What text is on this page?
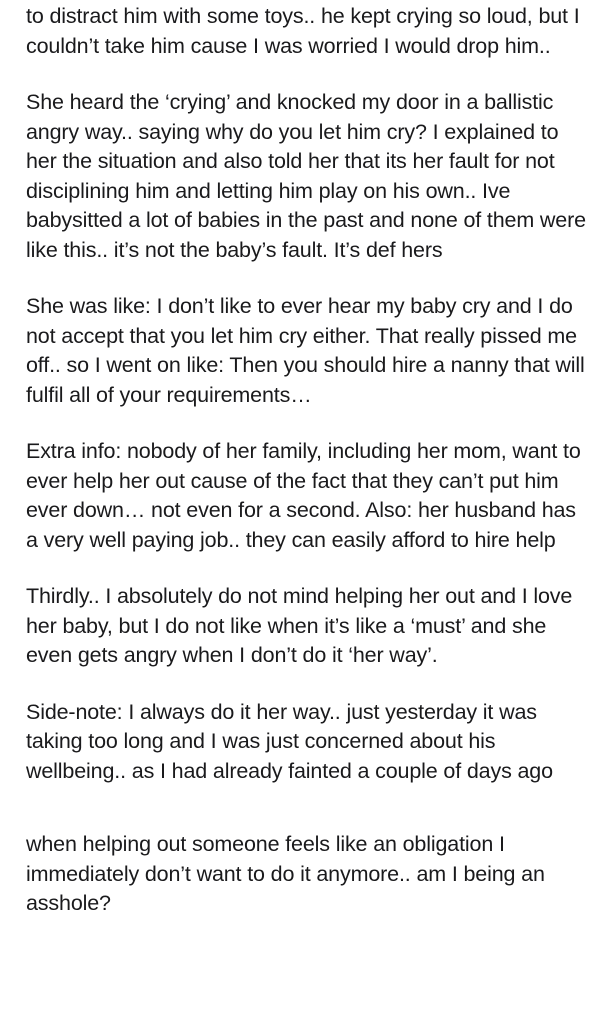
to distract him with some toys.. he kept crying so loud, but I couldn’t take him cause I was worried I would drop him..

She heard the ‘crying’ and knocked my door in a ballistic angry way.. saying why do you let him cry? I explained to her the situation and also told her that its her fault for not disciplining him and letting him play on his own.. Ive babysitted a lot of babies in the past and none of them were like this.. it’s not the baby’s fault. It’s def hers

She was like: I don’t like to ever hear my baby cry and I do not accept that you let him cry either. That really pissed me off.. so I went on like: Then you should hire a nanny that will fulfil all of your requirements…

Extra info: nobody of her family, including her mom, want to ever help her out cause of the fact that they can’t put him ever down… not even for a second. Also: her husband has a very well paying job.. they can easily afford to hire help

Thirdly.. I absolutely do not mind helping her out and I love her baby, but I do not like when it’s like a ‘must’ and she even gets angry when I don’t do it ‘her way’.

Side-note: I always do it her way.. just yesterday it was taking too long and I was just concerned about his wellbeing.. as I had already fainted a couple of days ago

when helping out someone feels like an obligation I immediately don’t want to do it anymore.. am I being an asshole?
